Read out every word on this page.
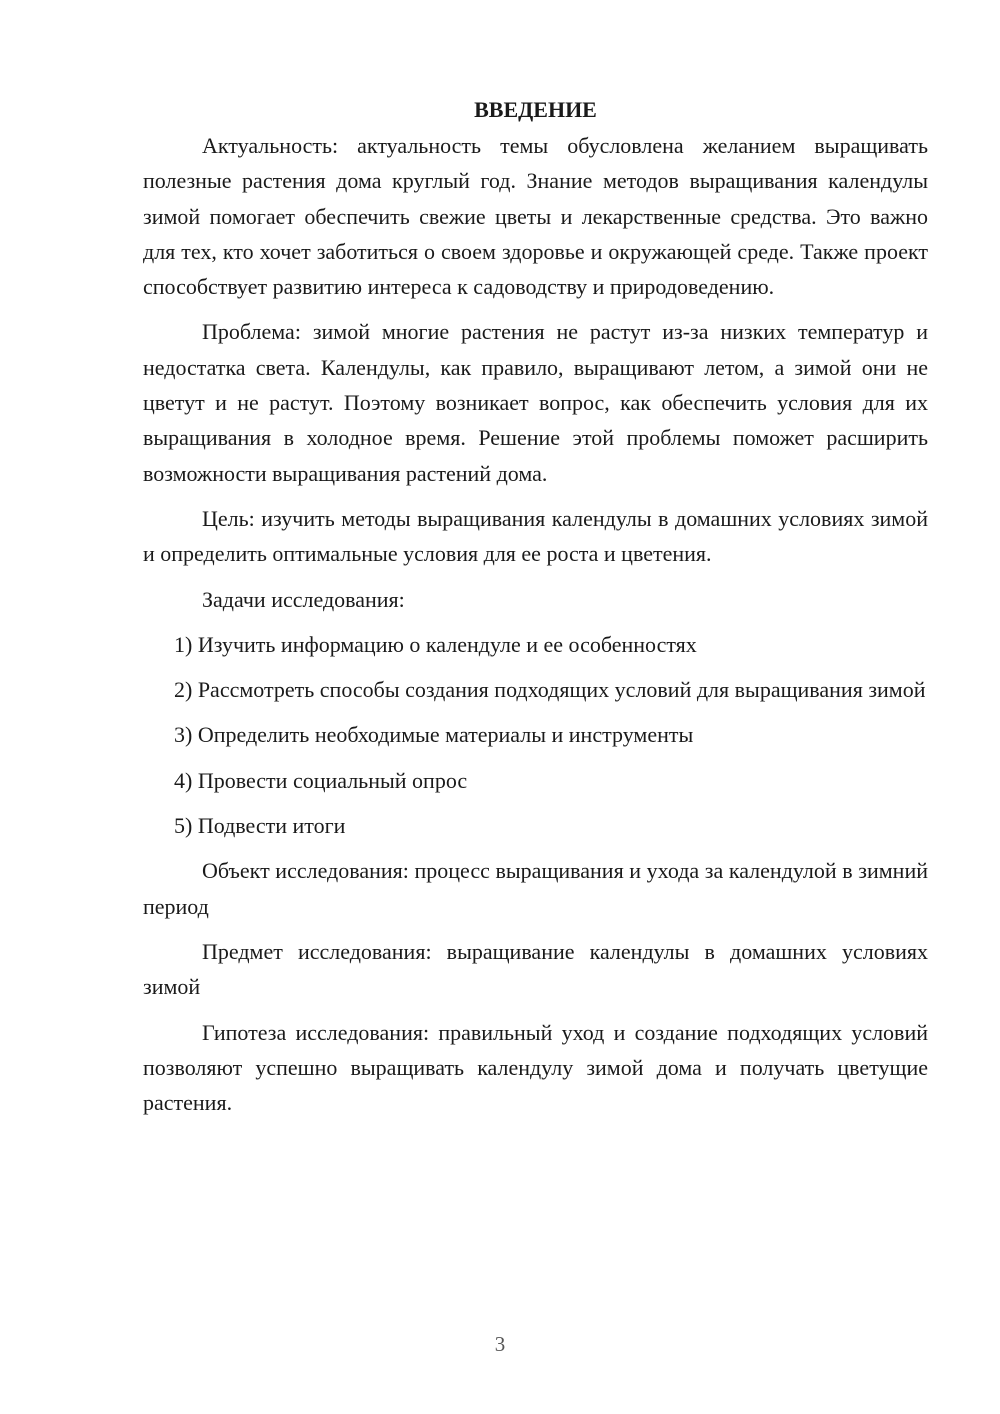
ВВЕДЕНИЕ

Актуальность: актуальность темы обусловлена желанием выращивать полезные растения дома круглый год. Знание методов выращивания календулы зимой помогает обеспечить свежие цветы и лекарственные средства. Это важно для тех, кто хочет заботиться о своем здоровье и окружающей среде. Также проект способствует развитию интереса к садоводству и природоведению.

Проблема: зимой многие растения не растут из-за низких температур и недостатка света. Календулы, как правило, выращивают летом, а зимой они не цветут и не растут. Поэтому возникает вопрос, как обеспечить условия для их выращивания в холодное время. Решение этой проблемы поможет расширить возможности выращивания растений дома.

Цель: изучить методы выращивания календулы в домашних условиях зимой и определить оптимальные условия для ее роста и цветения.

Задачи исследования:

1) Изучить информацию о календуле и ее особенностях

2) Рассмотреть способы создания подходящих условий для выращивания зимой

3) Определить необходимые материалы и инструменты

4) Провести социальный опрос

5) Подвести итоги

Объект исследования: процесс выращивания и ухода за календулой в зимний период

Предмет исследования: выращивание календулы в домашних условиях зимой

Гипотеза исследования: правильный уход и создание подходящих условий позволяют успешно выращивать календулу зимой дома и получать цветущие растения.

3
